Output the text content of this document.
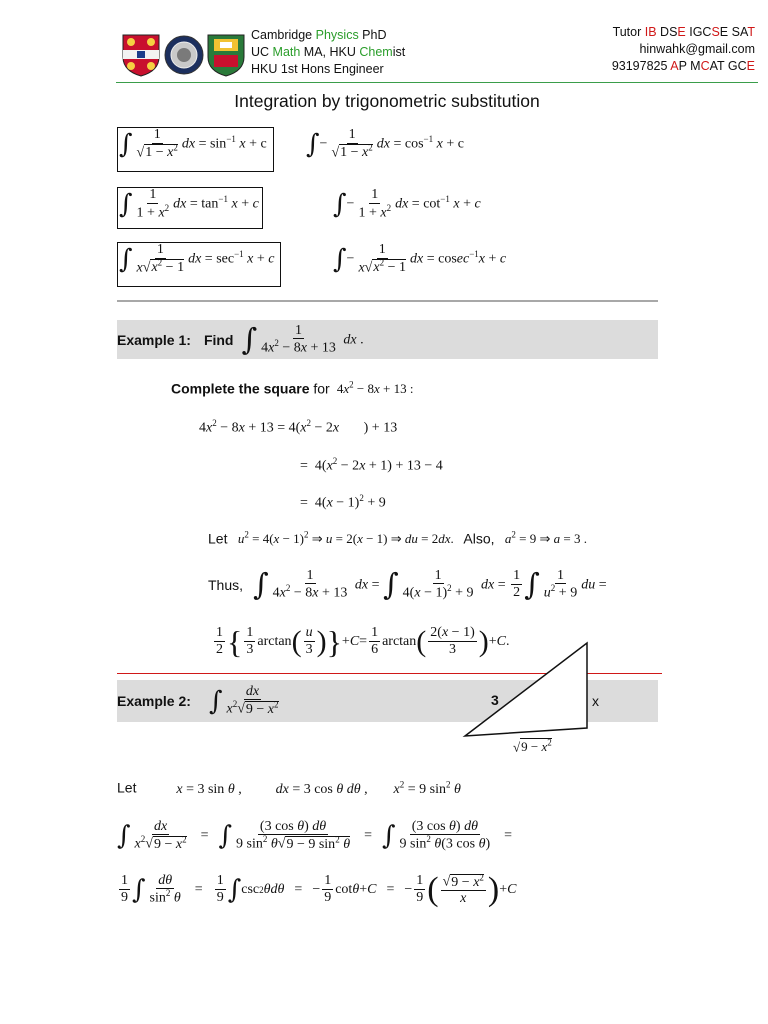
Cambridge Physics PhD
UC Math MA, HKU Chemist
HKU 1st Hons Engineer
Tutor IB DSE IGCSE SAT
hinwahk@gmail.com
93197825 AP MCAT GCE
Integration by trigonometric substitution
∫ $\frac{1}{√1 - x^2}$ dx = $\sin^{-1} x + c$ ∫− $\frac{1}{√1 - x^2}$ dx = $\cos^{-1} x + c$
∫ $\frac{1}{1 + x^2}$ dx = $\tan^{-1} x + c$	∫− $\frac{1}{1 + x^2}$ dx = $\cot^{-1} x + c$
∫ $\frac{1}{x√x^2 - 1}$ dx = $\sec^{-1} x + c$ ∫− $\frac{1}{x√x^2 - 1}$ dx = cosec$^{-1}$x + c
Example 1: Find ∫ $\frac{1}{4x^2 - 8x + 13}$ dx .
Complete the square for  $4x^2 - 8x + 13$ :
$4x^2 - 8x + 13 = 4(x^2 - 2x$       ) + 13
=  $4(x^2 - 2x + 1) + 13 - 4$
=  $4(x - 1)^2 + 9$
Let $u^2 = 4(x - 1)^2$ ⇒ u = 2(x − 1) ⇒ du = 2dx.   Also, $a^2 = 9$ ⇒ a = 3 .
Thus, ∫ $\frac{1}{4x^2 - 8x + 13}$ dx = ∫ $\frac{1}{4(x - 1)^2 + 9}$ dx = $\frac{1}{2}$ ∫ $\frac{1}{u^2 + 9}$ du =
$\frac{1}{2}$ { $\frac{1}{3}$ arctan ( $\frac{u}{3}$ ) } + $C = \frac{1}{6}$ arctan ( $\frac{2(x - 1)}{3}$ ) + C .
Example 2: ∫ $\frac{dx}{x^2√9 - x^2}$	3	x
$√9 - x^2$
Let	x = 3 sin θ , dx = 3 cos θ dθ , $x^2 = 9$ $\sin^2 \theta$
∫ $\frac{dx}{x^2√9 - x^2}$ = ∫ $\frac{\text{(3 cos θ) dθ}}{9 \sin^2 \theta√9 - 9 \sin^2 \theta}$ = ∫ $\frac{\text{(3 cos θ) dθ}}{9 \sin^2 \theta(3 \cos \theta)}$ =
$\frac{1}{9}$ ∫ $\frac{d\theta}{\sin^2 \theta} = \frac{1}{9}$ ∫ csc 2 θ dθ = − $\frac{1}{9}$ cot θ + C = − $\frac{1}{9}$ ( $\frac{√9 - x^2}{x}$ ) + C
